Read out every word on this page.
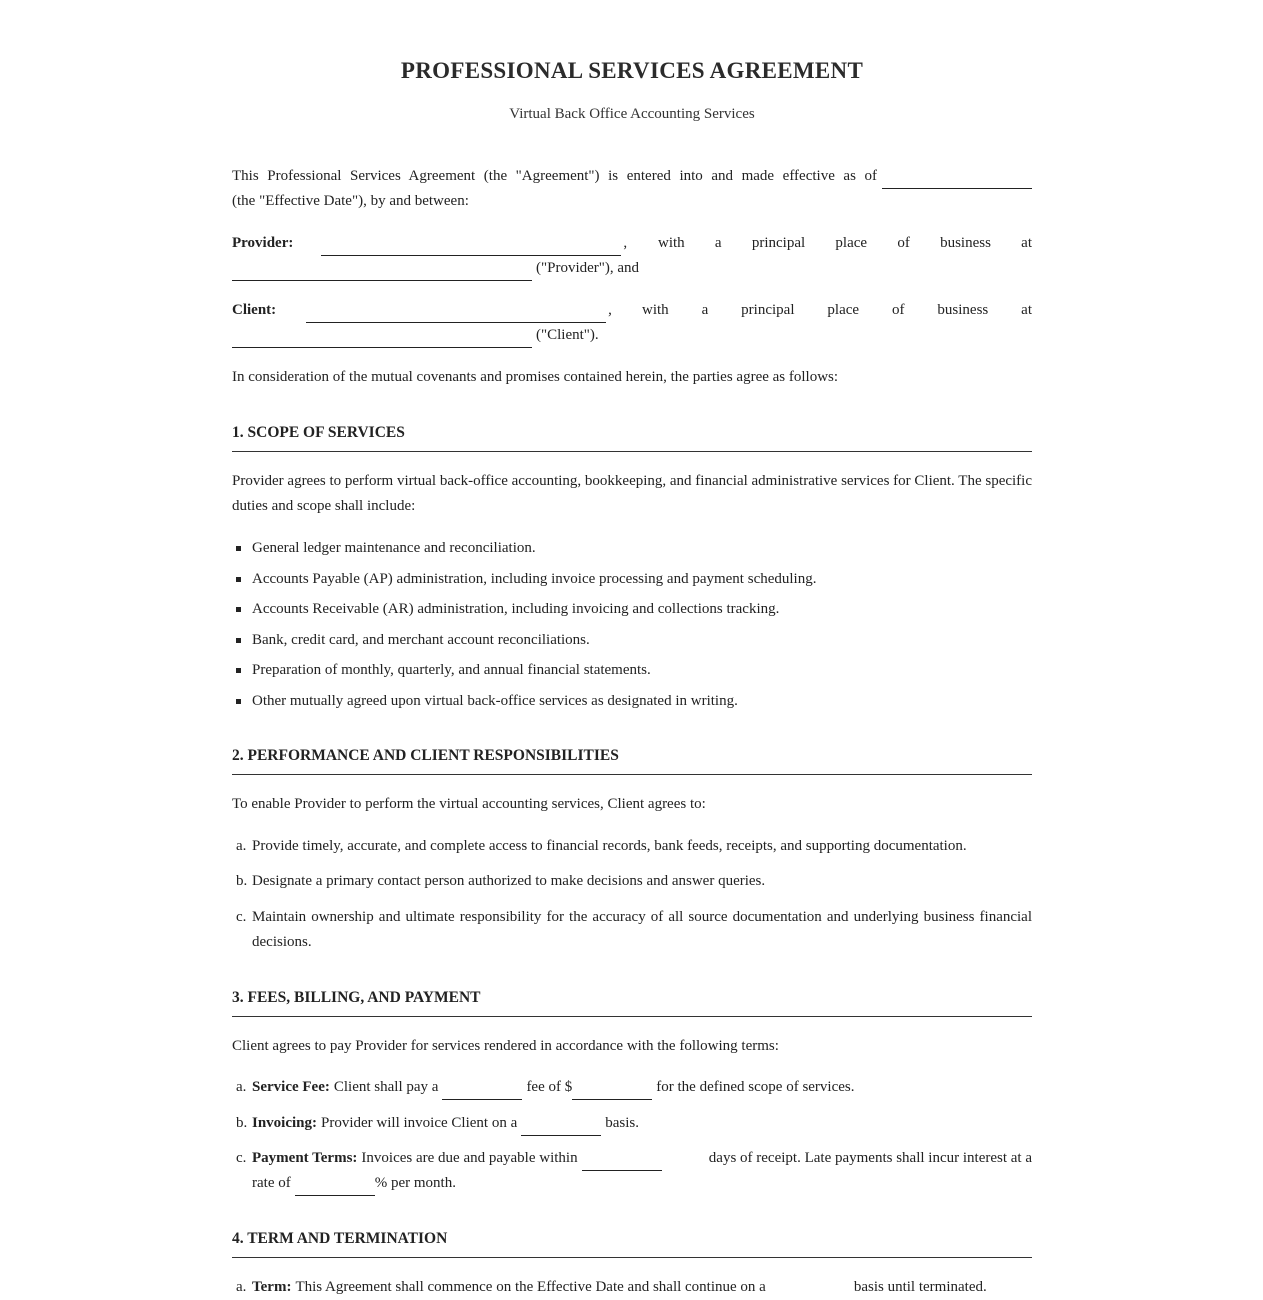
PROFESSIONAL SERVICES AGREEMENT

Virtual Back Office Accounting Services

This Professional Services Agreement (the "Agreement") is entered into and made effective as of
(the "Effective Date"), by and between:
Provider:	, with a principal place of business at
("Provider"), and
Client:	, with a principal place of business at
("Client").

In consideration of the mutual covenants and promises contained herein, the parties agree as follows:

1. SCOPE OF SERVICES

Provider agrees to perform virtual back-office accounting, bookkeeping, and financial administrative services for Client. The specific duties and scope shall include:

General ledger maintenance and reconciliation.
Accounts Payable (AP) administration, including invoice processing and payment scheduling.
Accounts Receivable (AR) administration, including invoicing and collections tracking.
Bank, credit card, and merchant account reconciliations.
Preparation of monthly, quarterly, and annual financial statements.
Other mutually agreed upon virtual back-office services as designated in writing.
2. PERFORMANCE AND CLIENT RESPONSIBILITIES

To enable Provider to perform the virtual accounting services, Client agrees to:

a. Provide timely, accurate, and complete access to financial records, bank feeds, receipts, and supporting documentation.
b. Designate a primary contact person authorized to make decisions and answer queries.
c. Maintain ownership and ultimate responsibility for the accuracy of all source documentation and underlying business financial decisions.
3. FEES, BILLING, AND PAYMENT

Client agrees to pay Provider for services rendered in accordance with the following terms:

a. Service Fee: Client shall pay a	fee of $	for the defined scope of services.
b. Invoicing: Provider will invoice Client on a	basis.
c. Payment Terms: Invoices are due and payable within	days of receipt. Late payments shall incur interest at a
rate of	% per month.
4. TERM AND TERMINATION
a. Term: This Agreement shall commence on the Effective Date and shall continue on a	basis until terminated.
